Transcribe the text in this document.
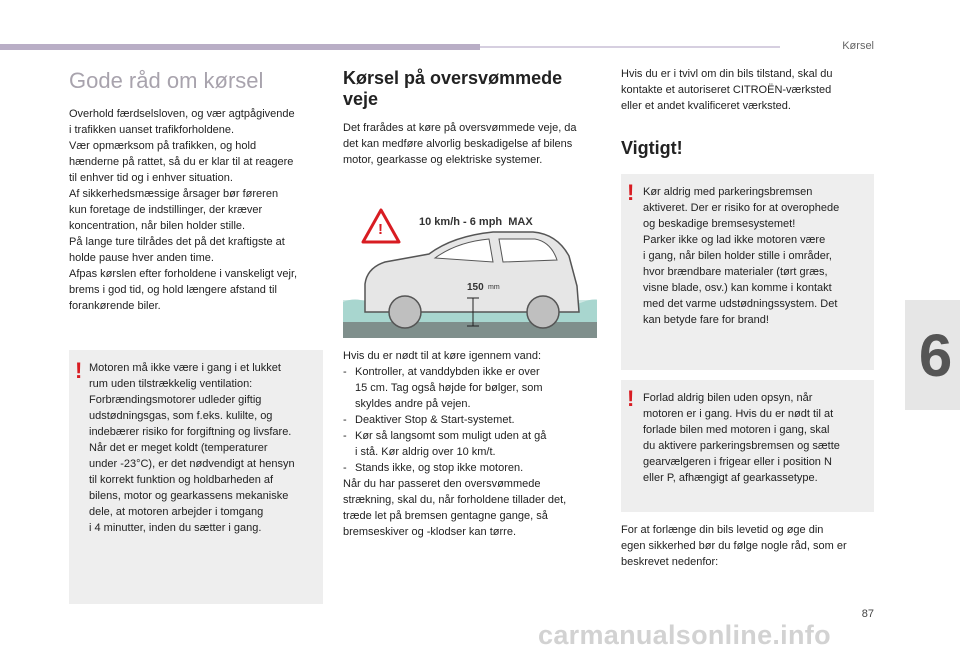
Kørsel
6
Gode råd om kørsel
Overhold færdselsloven, og vær agtpågivende
i trafikken uanset trafikforholdene.
Vær opmærksom på trafikken, og hold
hænderne på rattet, så du er klar til at reagere
til enhver tid og i enhver situation.
Af sikkerhedsmæssige årsager bør føreren
kun foretage de indstillinger, der kræver
koncentration, når bilen holder stille.
På lange ture tilrådes det på det kraftigste at
holde pause hver anden time.
Afpas kørslen efter forholdene i vanskeligt vejr,
brems i god tid, og hold længere afstand til
forankørende biler.
! Motoren må ikke være i gang i et lukket
rum uden tilstrækkelig ventilation:
Forbrændingsmotorer udleder giftig
udstødningsgas, som f.eks. kulilte, og
indebærer risiko for forgiftning og livsfare.
Når det er meget koldt (temperaturer
under -23°C), er det nødvendigt at hensyn
til korrekt funktion og holdbarheden af
bilens, motor og gearkassens mekaniske
dele, at motoren arbejder i tomgang
i 4 minutter, inden du sætter i gang.
Kørsel på oversvømmede
veje
Det frarådes at køre på oversvømmede veje, da
det kan medføre alvorlig beskadigelse af bilens
motor, gearkasse og elektriske systemer.
!	10 km/h - 6 mph  MAX
150 mm
Hvis du er nødt til at køre igennem vand:
- Kontroller, at vanddybden ikke er over
15 cm. Tag også højde for bølger, som
skyldes andre på vejen.
- Deaktiver Stop & Start-systemet.
- Kør så langsomt som muligt uden at gå
i stå. Kør aldrig over 10 km/t.
- Stands ikke, og stop ikke motoren.
Når du har passeret den oversvømmede
strækning, skal du, når forholdene tillader det,
træde let på bremsen gentagne gange, så
bremseskiver og -klodser kan tørre.
Hvis du er i tvivl om din bils tilstand, skal du
kontakte et autoriseret CITROËN-værksted
eller et andet kvalificeret værksted.
Vigtigt!
! Kør aldrig med parkeringsbremsen
aktiveret. Der er risiko for at overophede
og beskadige bremsesystemet!
Parker ikke og lad ikke motoren være
i gang, når bilen holder stille i områder,
hvor brændbare materialer (tørt græs,
visne blade, osv.) kan komme i kontakt
med det varme udstødningssystem. Det
kan betyde fare for brand!
! Forlad aldrig bilen uden opsyn, når
motoren er i gang. Hvis du er nødt til at
forlade bilen med motoren i gang, skal
du aktivere parkeringsbremsen og sætte
gearvælgeren i frigear eller i position N
eller P, afhængigt af gearkassetype.
For at forlænge din bils levetid og øge din
egen sikkerhed bør du følge nogle råd, som er
beskrevet nedenfor:
87
carmanualsonline.info
